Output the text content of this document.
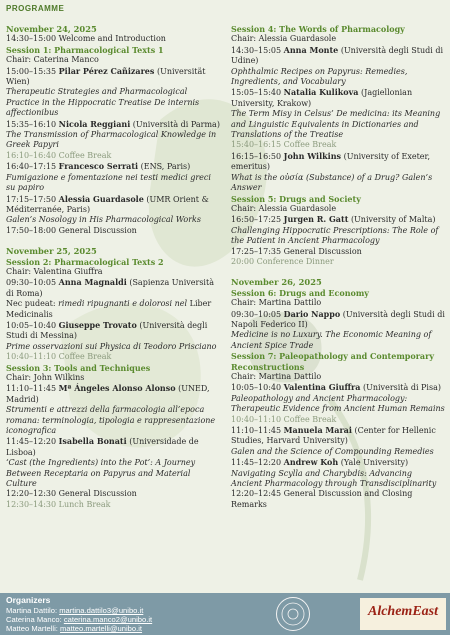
PROGRAMME
November 24, 2025
14:30–15:00 Welcome and Introduction
Session 1: Pharmacological Texts 1
Chair: Caterina Manco
15:00–15:35 Pilar Pérez Cañizares (Universität Wien)
Therapeutic Strategies and Pharmacological Practice in the Hippocratic Treatise De internis affectionibus
15:35–16:10 Nicola Reggiani (Università di Parma)
The Transmission of Pharmacological Knowledge in Greek Papyri
16:10–16:40 Coffee Break
16:40–17:15 Francesco Serrati (ENS, Paris)
Fumigazione e fomentazione nei testi medici greci su papiro
17:15–17:50 Alessia Guardasole (UMR Orient & Méditerranée, Paris)
Galen’s Nosology in His Pharmacological Works
17:50–18:00 General Discussion
November 25, 2025
Session 2: Pharmacological Texts 2
Chair: Valentina Giuffra
09:30–10:05 Anna Magnaldi (Sapienza Università di Roma)
Nec pudeat: rimedi ripugnanti e dolorosi nel Liber Medicinalis
10:05–10:40 Giuseppe Trovato (Università degli Studi di Messina)
Prime osservazioni sui Physica di Teodoro Prisciano
10:40–11:10 Coffee Break
Session 3: Tools and Techniques
Chair: John Wilkins
11:10–11:45 Mª Ángeles Alonso Alonso (UNED, Madrid)
Strumenti e attrezzi della farmacologia all’epoca romana: terminologia, tipologia e rappresentazione iconografica
11:45–12:20 Isabella Bonati (Universidade de Lisboa)
‘Cast (the Ingredients) into the Pot’: A Journey Between Receptaria on Papyrus and Material Culture
12:20–12:30 General Discussion
12:30–14:30 Lunch Break
Session 4: The Words of Pharmacology
Chair: Alessia Guardasole
14:30–15:05 Anna Monte (Università degli Studi di Udine)
Ophthalmic Recipes on Papyrus: Remedies, Ingredients, and Vocabulary
15:05–15:40 Natalia Kulikova (Jagiellonian University, Krakow)
The Term Misy in Celsus’ De medicina: its Meaning and Linguistic Equivalents in Dictionaries and Translations of the Treatise
15:40–16:15 Coffee Break
16:15–16:50 John Wilkins (University of Exeter, emeritus)
What is the οὐσία (Substance) of a Drug? Galen’s Answer
Session 5: Drugs and Society
Chair: Alessia Guardasole
16:50–17:25 Jurgen R. Gatt (University of Malta)
Challenging Hippocratic Prescriptions: The Role of the Patient in Ancient Pharmacology
17:25–17:35 General Discussion
20:00 Conference Dinner
November 26, 2025
Session 6: Drugs and Economy
Chair: Martina Dattilo
09:30–10:05 Dario Nappo (Università degli Studi di Napoli Federico II)
Medicine is no Luxury. The Economic Meaning of Ancient Spice Trade
Session 7: Paleopathology and Contemporary Reconstructions
Chair: Martina Dattilo
10:05–10:40 Valentina Giuffra (Università di Pisa)
Paleopathology and Ancient Pharmacology: Therapeutic Evidence from Ancient Human Remains
10:40–11:10 Coffee Break
11:10–11:45 Manuela Marai (Center for Hellenic Studies, Harvard University)
Galen and the Science of Compounding Remedies
11:45–12:20 Andrew Koh (Yale University)
Navigating Scylla and Charybdis: Advancing Ancient Pharmacology through Transdisciplinarity
12:20–12:45 General Discussion and Closing Remarks
Organizers
Martina Dattilo: martina.dattilo3@unibo.it
Caterina Manco: caterina.manco2@unibo.it
Matteo Martelli: matteo.martelli@unibo.it
AlchemEast
